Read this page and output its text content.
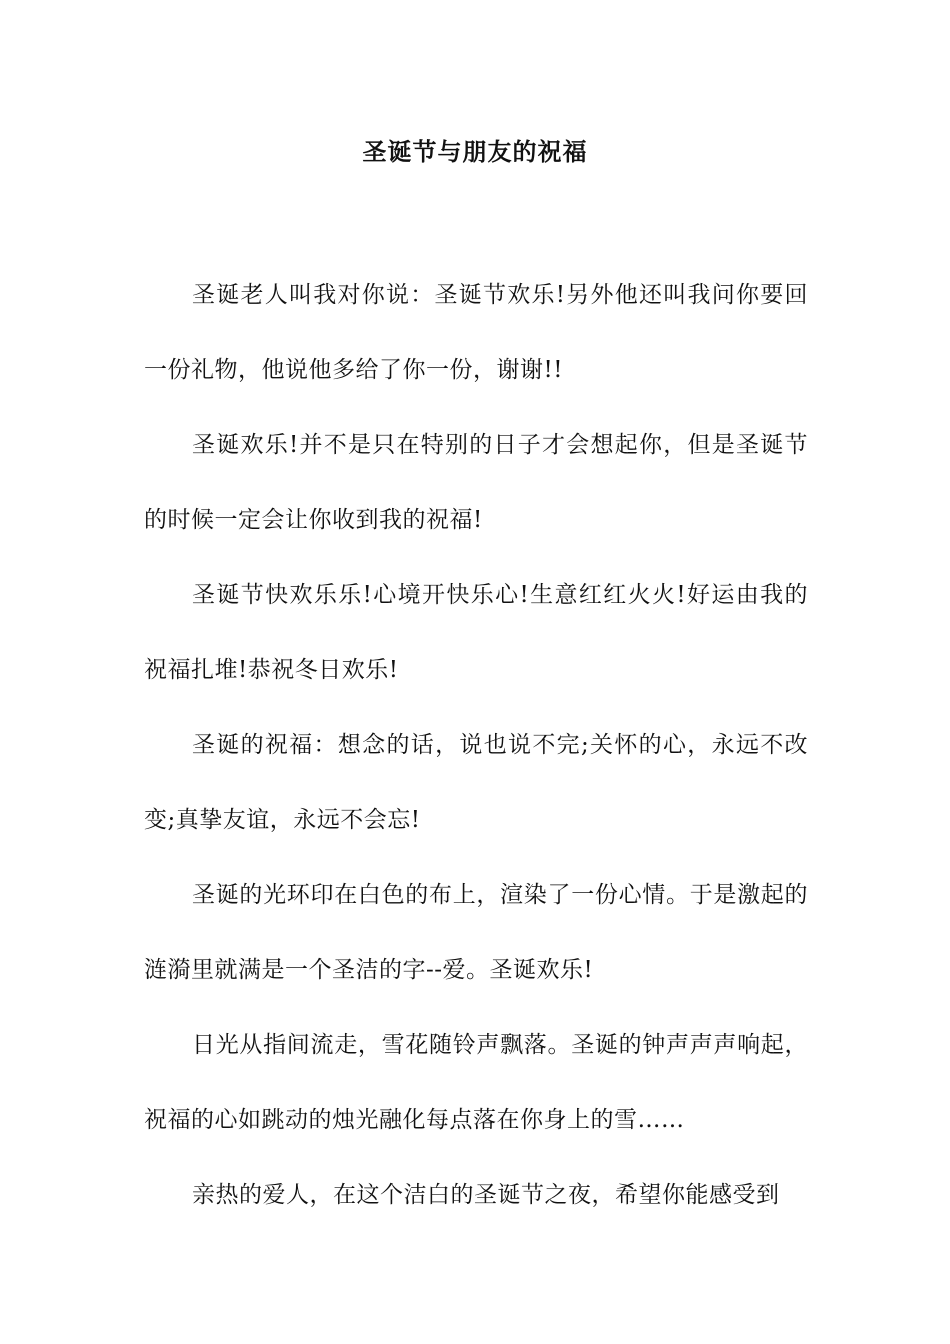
圣诞节与朋友的祝福

圣诞老人叫我对你说：圣诞节欢乐!另外他还叫我问你要回一份礼物，他说他多给了你一份，谢谢!!

圣诞欢乐!并不是只在特别的日子才会想起你，但是圣诞节的时候一定会让你收到我的祝福!

圣诞节快欢乐乐!心境开快乐心!生意红红火火!好运由我的祝福扎堆!恭祝冬日欢乐!

圣诞的祝福：想念的话，说也说不完;关怀的心，永远不改变;真挚友谊，永远不会忘!

圣诞的光环印在白色的布上，渲染了一份心情。于是激起的涟漪里就满是一个圣洁的字--爱。圣诞欢乐!

日光从指间流走，雪花随铃声飘落。圣诞的钟声声声响起，祝福的心如跳动的烛光融化每点落在你身上的雪……

亲热的爱人，在这个洁白的圣诞节之夜，希望你能感受到
